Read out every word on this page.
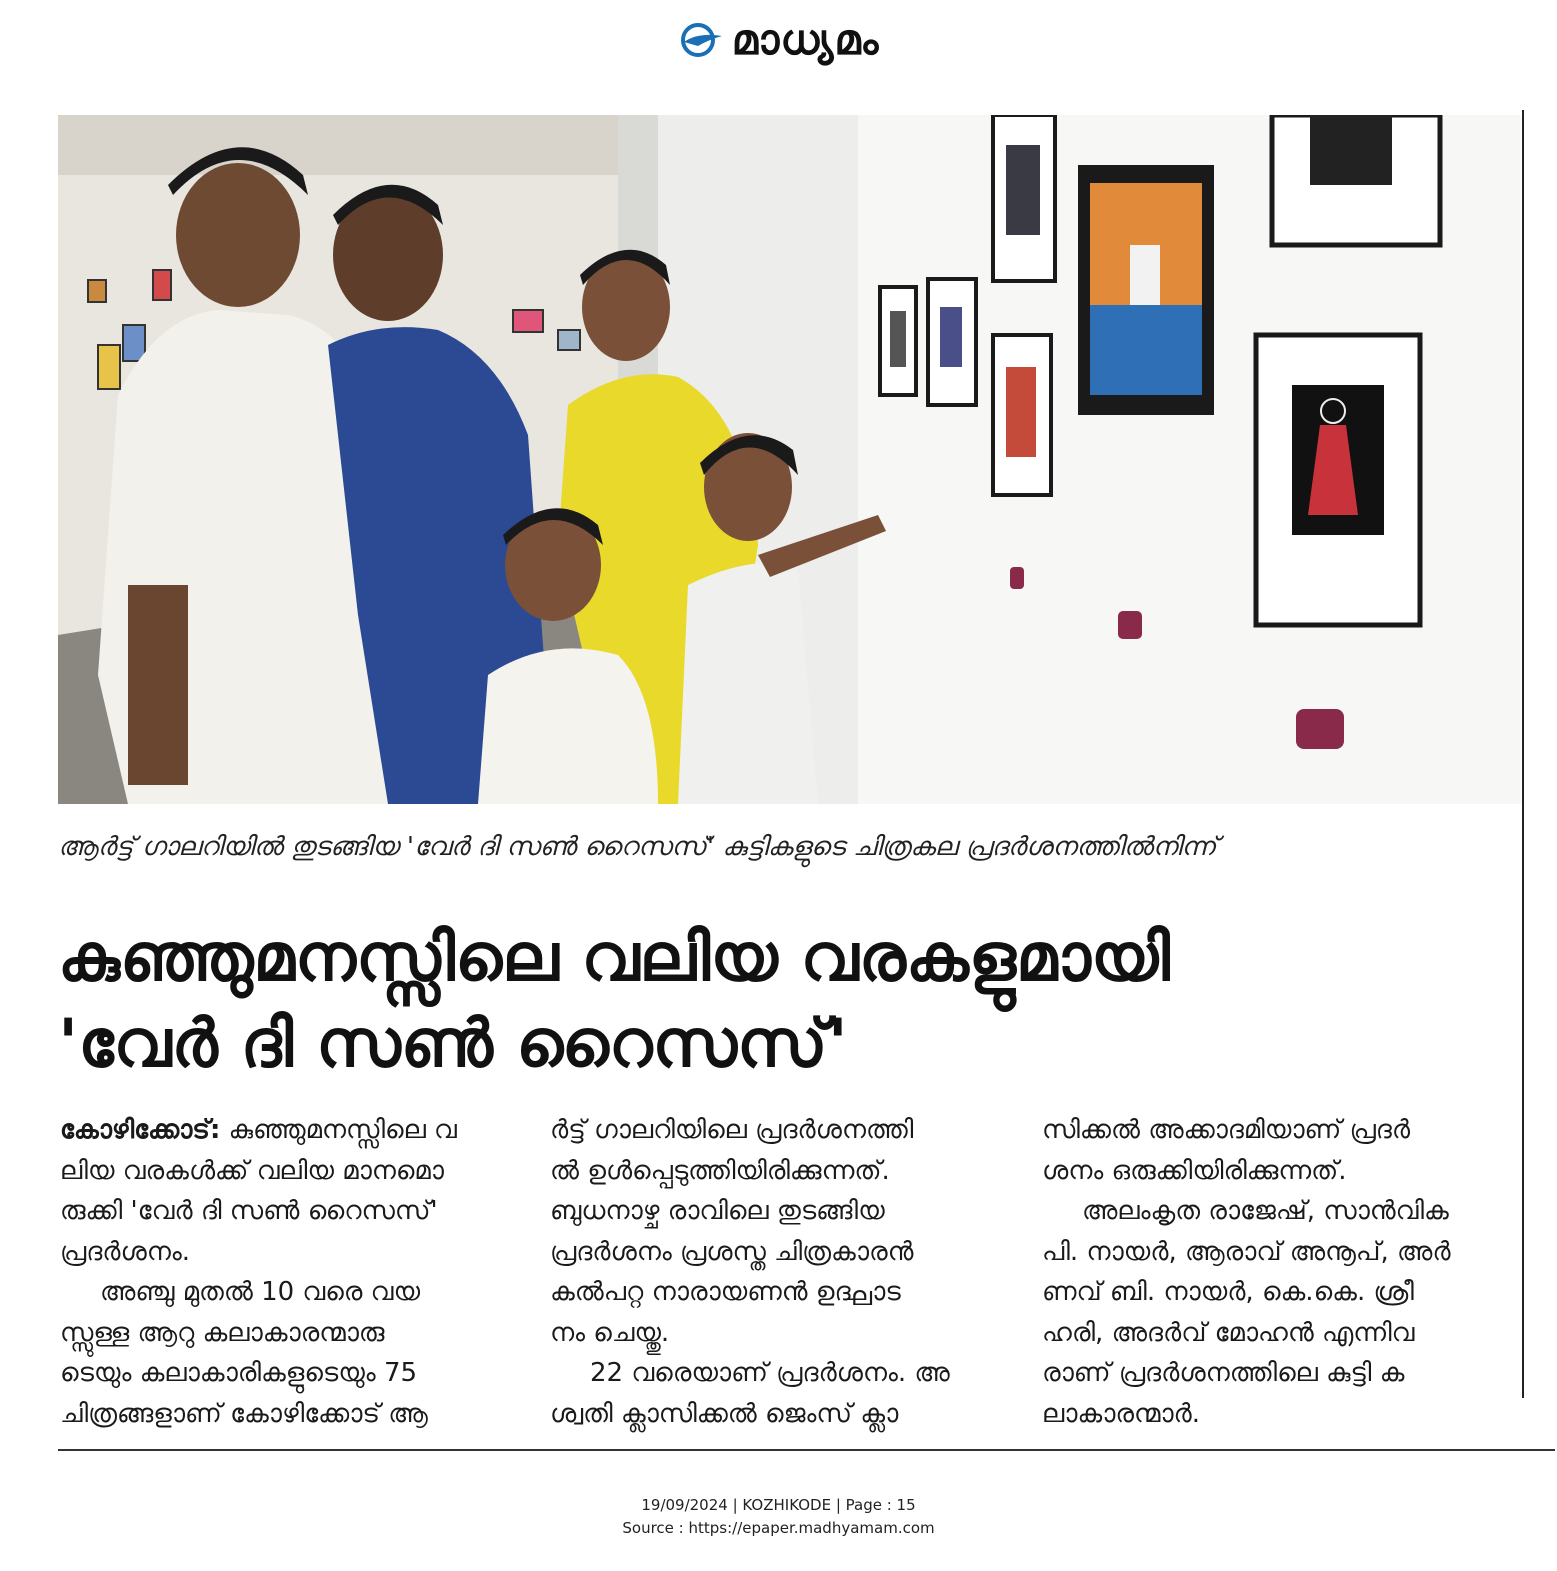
മാധ്യമം
ആർട്ട് ഗാലറിയിൽ തുടങ്ങിയ 'വേർ ദി സൺ റൈസസ്' കുട്ടികളുടെ ചിത്രകല പ്രദർശനത്തിൽനിന്ന്
കുഞ്ഞുമനസ്സിലെ വലിയ വരകളുമായി
'വേർ ദി സൺ റൈസസ്'

കോഴിക്കോട്: കുഞ്ഞുമനസ്സിലെ വ

ലിയ വരകൾക്ക് വലിയ മാനമൊ

രുക്കി 'വേർ ദി സൺ റൈസസ്'

പ്രദർശനം.

അഞ്ചു മുതൽ 10 വരെ വയ

സ്സുള്ള ആറു കലാകാരന്മാരു

ടെയും കലാകാരികളുടെയും 75

ചിത്രങ്ങളാണ് കോഴിക്കോട് ആ

ർട്ട് ഗാലറിയിലെ പ്രദർശനത്തി

ൽ ഉൾപ്പെടുത്തിയിരിക്കുന്നത്.

ബുധനാഴ്ച രാവിലെ തുടങ്ങിയ

പ്രദർശനം പ്രശസ്ത ചിത്രകാരൻ

കൽപറ്റ നാരായണൻ ഉദ്ഘാട

നം ചെയ്തു.

22 വരെയാണ് പ്രദർശനം. അ

ശ്വതി ക്ലാസിക്കൽ ജെംസ് ക്ലാ

സിക്കൽ അക്കാദമിയാണ് പ്രദർ

ശനം ഒരുക്കിയിരിക്കുന്നത്.

അലംകൃത രാജേഷ്, സാൻവിക

പി. നായർ, ആരാവ് അനൂപ്, അർ

ണവ് ബി. നായർ, കെ.കെ. ശ്രീ

ഹരി, അദർവ് മോഹൻ എന്നിവ

രാണ് പ്രദർശനത്തിലെ കുട്ടി ക

ലാകാരന്മാർ.

19/09/2024 | KOZHIKODE | Page : 15
Source : https://epaper.madhyamam.com
